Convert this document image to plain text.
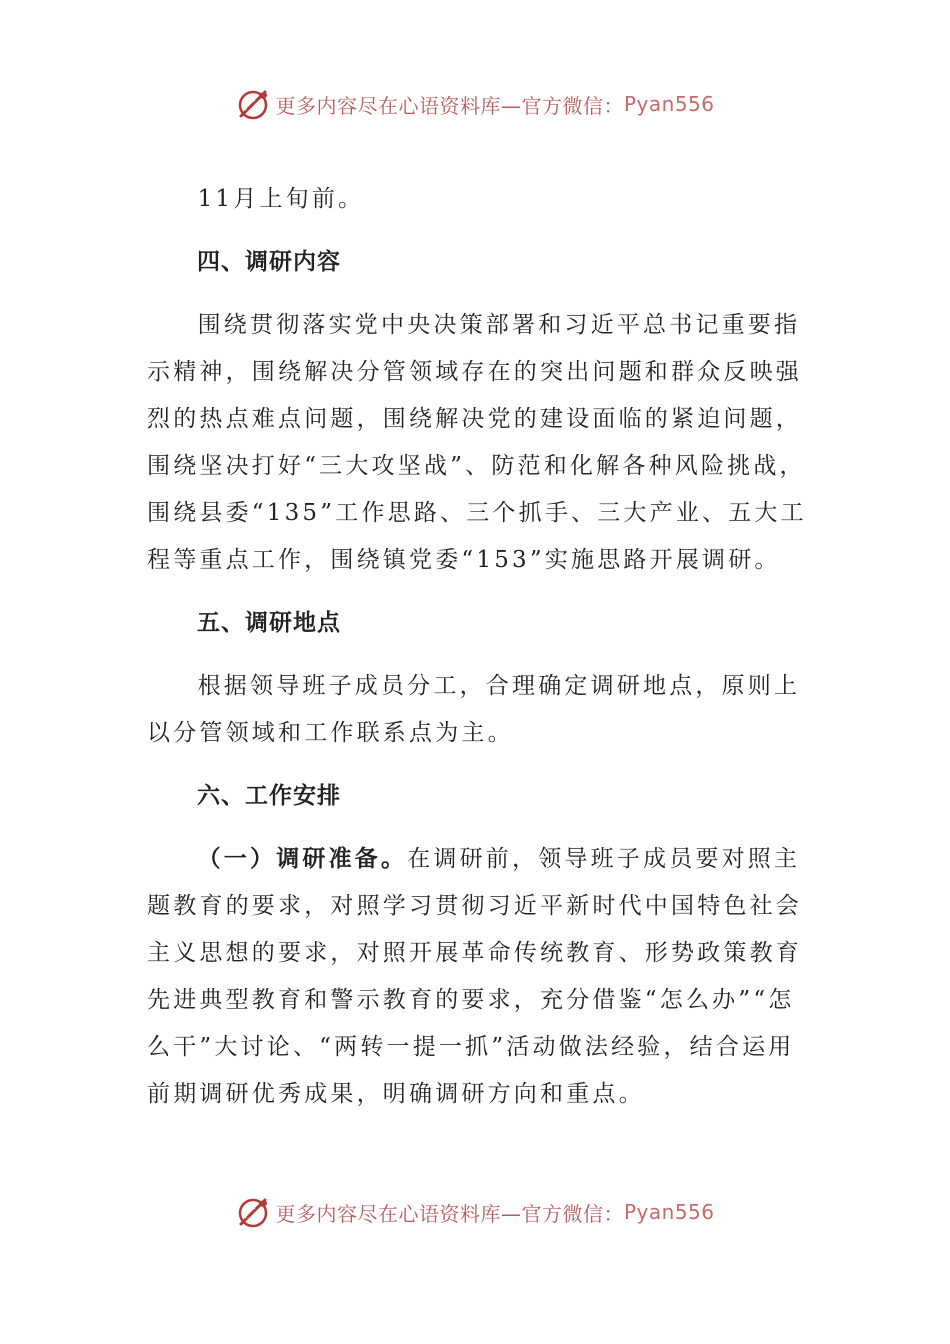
更多内容尽在心语资料库—官方微信： Pyan556

11月上旬前。

四、调研内容

围绕贯彻落实党中央决策部署和习近平总书记重要指示精神，围绕解决分管领域存在的突出问题和群众反映强烈的热点难点问题，围绕解决党的建设面临的紧迫问题，围绕坚决打好“三大攻坚战”、防范和化解各种风险挑战，围绕县委“135”工作思路、三个抓手、三大产业、五大工程等重点工作，围绕镇党委“153”实施思路开展调研。

五、调研地点

根据领导班子成员分工，合理确定调研地点，原则上以分管领域和工作联系点为主。

六、工作安排

（一）调研准备。在调研前，领导班子成员要对照主题教育的要求，对照学习贯彻习近平新时代中国特色社会主义思想的要求，对照开展革命传统教育、形势政策教育先进典型教育和警示教育的要求，充分借鉴“怎么办”“怎么干”大讨论、“两转一提一抓”活动做法经验，结合运用前期调研优秀成果，明确调研方向和重点。

更多内容尽在心语资料库—官方微信： Pyan556
